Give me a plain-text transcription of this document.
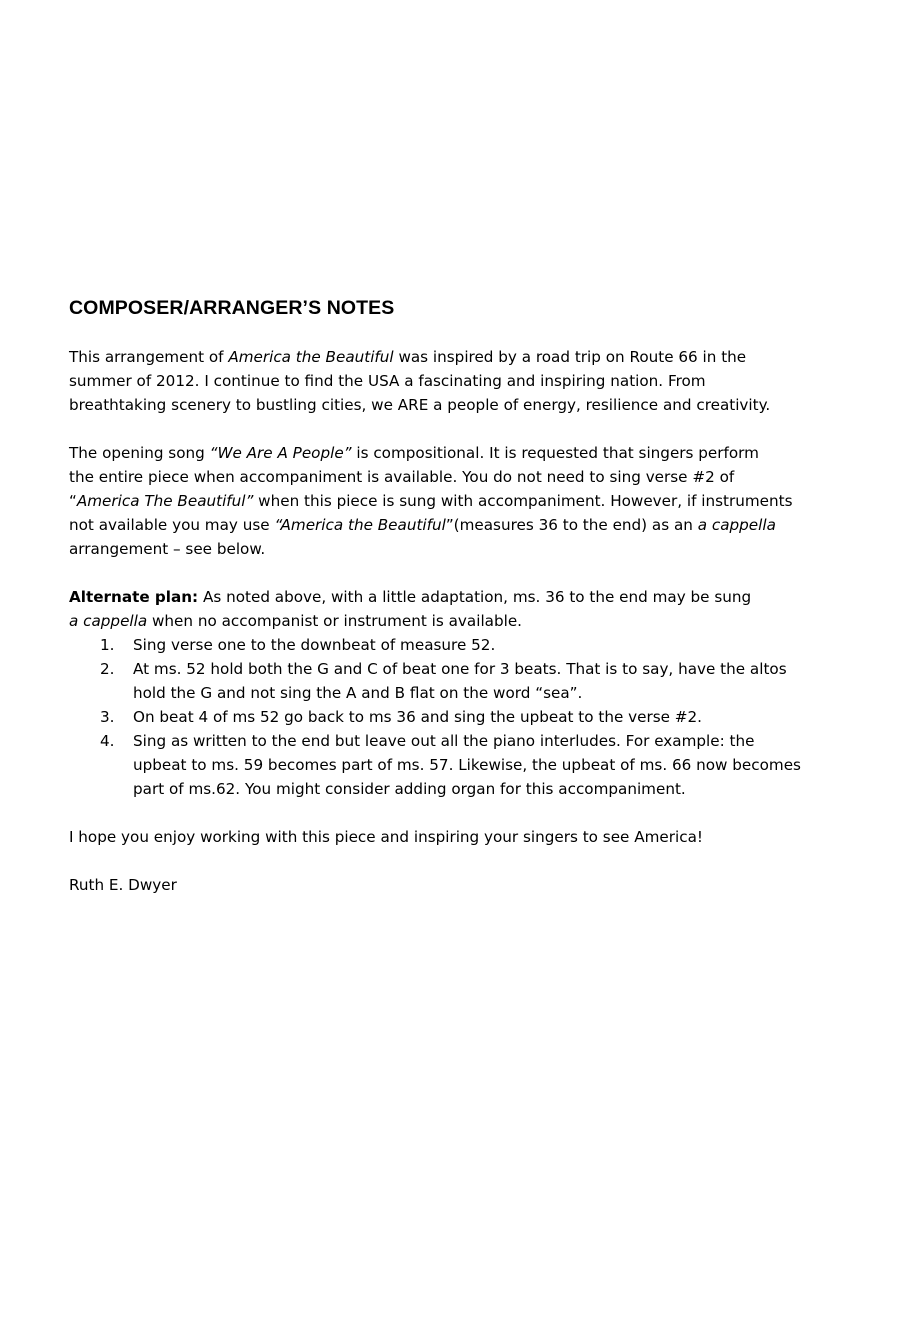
COMPOSER/ARRANGER’S NOTES
This arrangement of America the Beautiful was inspired by a road trip on Route 66 in the
summer of 2012. I continue to find the USA a fascinating and inspiring nation. From
breathtaking scenery to bustling cities, we ARE a people of energy, resilience and creativity.
The opening song “We Are A People” is compositional. It is requested that singers perform
the entire piece when accompaniment is available. You do not need to sing verse #2 of
“America The Beautiful” when this piece is sung with accompaniment. However, if instruments
not available you may use “America the Beautiful”(measures 36 to the end) as an a cappella
arrangement – see below.
Alternate plan: As noted above, with a little adaptation, ms. 36 to the end may be sung
a cappella when no accompanist or instrument is available.
1. Sing verse one to the downbeat of measure 52.
2. At ms. 52 hold both the G and C of beat one for 3 beats. That is to say, have the altos
hold the G and not sing the A and B flat on the word “sea”.
3. On beat 4 of ms 52 go back to ms 36 and sing the upbeat to the verse #2.
4. Sing as written to the end but leave out all the piano interludes. For example: the
upbeat to ms. 59 becomes part of ms. 57. Likewise, the upbeat of ms. 66 now becomes
part of ms.62. You might consider adding organ for this accompaniment.
I hope you enjoy working with this piece and inspiring your singers to see America!
Ruth E. Dwyer
